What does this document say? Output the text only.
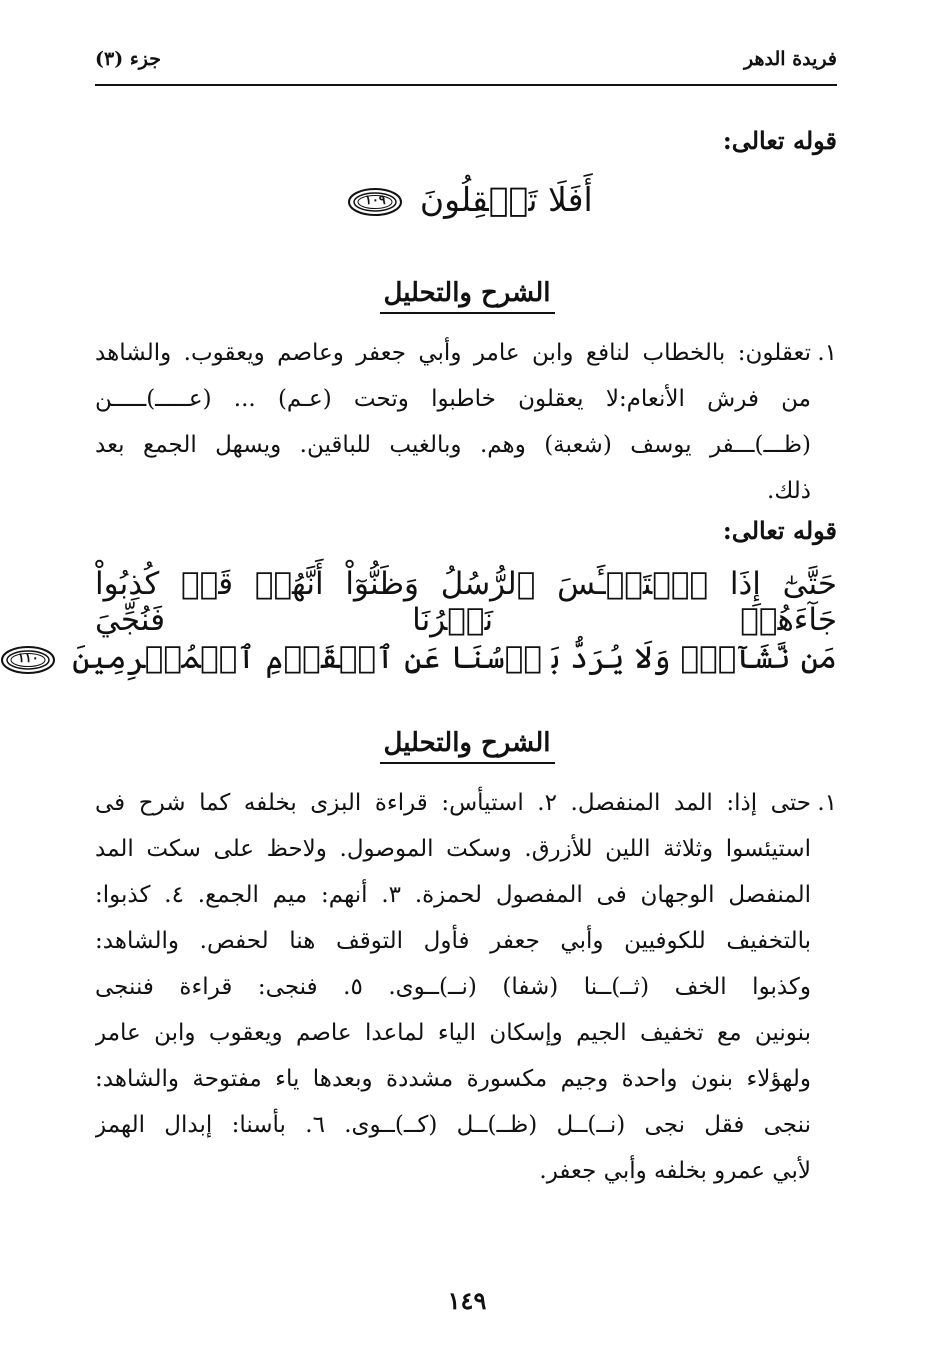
فريدة الدهر
جزء (٣)
قوله تعالى:
أَفَلَا تَعۡقِلُونَ
١٠٩
الشرح والتحليل
١.
تعقلون: بالخطاب لنافع وابن عامر وأبي جعفر وعاصم ويعقوب. والشاهد
من فرش الأنعام:لا يعقلون خاطبوا وتحت (عـم) ... (عـــــ)ـــــن
(ظـــ)ـــفر يوسف (شعبة) وهم. وبالغيب للباقين. ويسهل الجمع بعد
ذلك.
قوله تعالى:
حَتَّىٰٓ إِذَا ٱسۡتَيۡـَٔسَ ٱلرُّسُلُ وَظَنُّوٓاْ أَنَّهُمۡ قَدۡ كُذِبُواْ جَآءَهُمۡ نَصۡرُنَا فَنُجِّيَ
مَن نَّشَآءُۖ وَلَا يُرَدُّ بَأۡسُنَا عَنِ ٱلۡقَوۡمِ ٱلۡمُجۡرِمِينَ
١١٠
الشرح والتحليل
١.
حتى إذا: المد المنفصل. ٢. استيأس: قراءة البزى بخلفه كما شرح فى
استيئسوا وثلاثة اللين للأزرق. وسكت الموصول. ولاحظ على سكت المد
المنفصل الوجهان فى المفصول لحمزة. ٣. أنهم: ميم الجمع. ٤. كذبوا:
بالتخفيف للكوفيين وأبي جعفر فأول التوقف هنا لحفص. والشاهد:
وكذبوا الخف (ثــ)ــنا (شفا) (نــ)ــوى. ٥. فنجى: قراءة فننجى
بنونين مع تخفيف الجيم وإسكان الياء لماعدا عاصم ويعقوب وابن عامر
ولهؤلاء بنون واحدة وجيم مكسورة مشددة وبعدها ياء مفتوحة والشاهد:
ننجى فقل نجى (نــ)ــل (ظــ)ــل (كــ)ــوى. ٦. بأسنا: إبدال الهمز
لأبي عمرو بخلفه وأبي جعفر.
١٤٩
